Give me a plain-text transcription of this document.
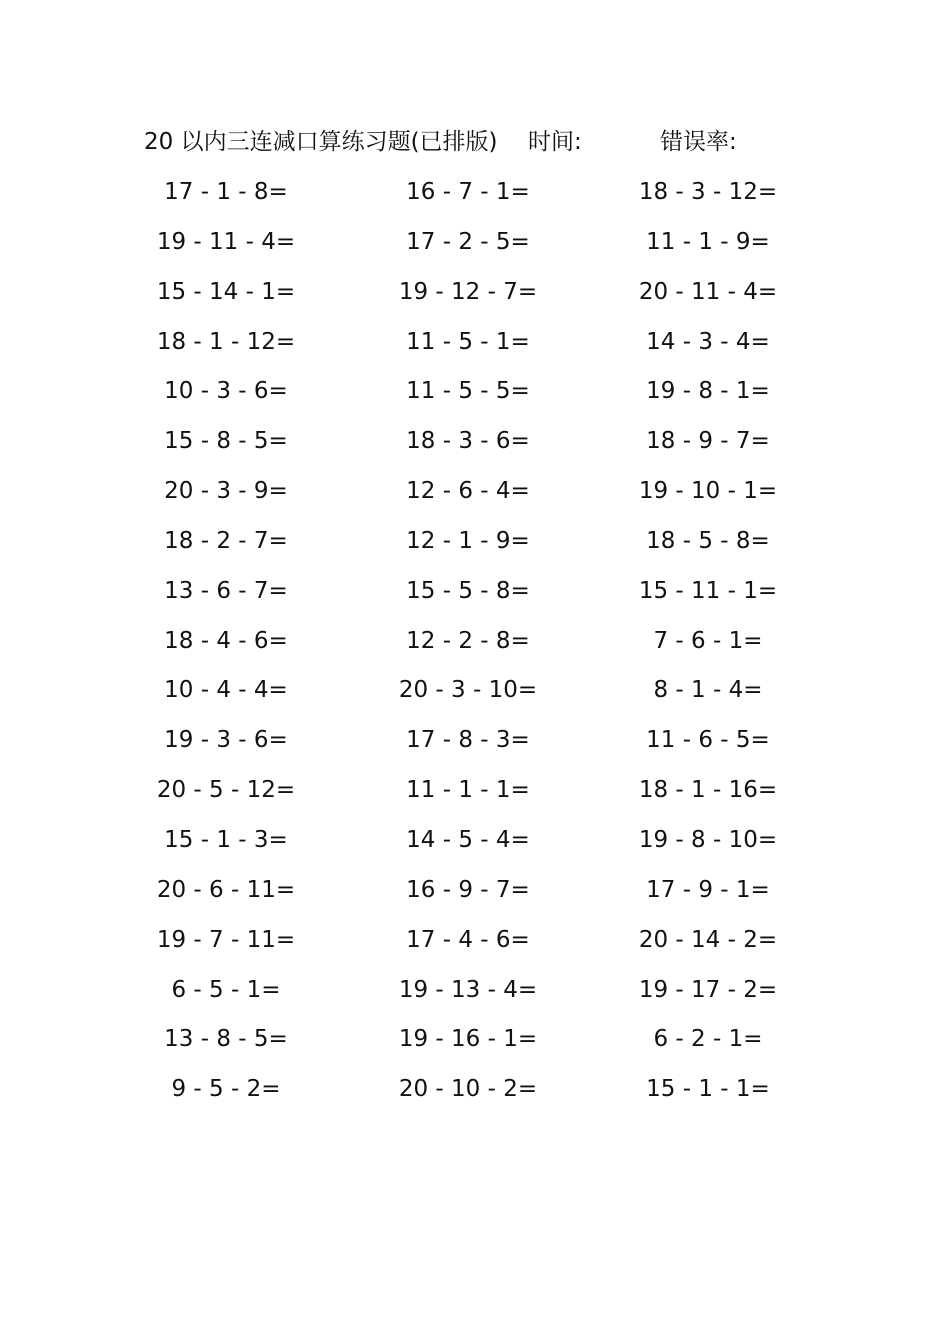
20 以内三连减口算练习题(已排版) 时间:	错误率:
17 - 1 - 8=	16 - 7 - 1=	18 - 3 - 12=
19 - 11 - 4=	17 - 2 - 5=	11 - 1 - 9=
15 - 14 - 1=	19 - 12 - 7=	20 - 11 - 4=
18 - 1 - 12=	11 - 5 - 1=	14 - 3 - 4=
10 - 3 - 6=	11 - 5 - 5=	19 - 8 - 1=
15 - 8 - 5=	18 - 3 - 6=	18 - 9 - 7=
20 - 3 - 9=	12 - 6 - 4=	19 - 10 - 1=
18 - 2 - 7=	12 - 1 - 9=	18 - 5 - 8=
13 - 6 - 7=	15 - 5 - 8=	15 - 11 - 1=
18 - 4 - 6=	12 - 2 - 8=	7 - 6 - 1=
10 - 4 - 4=	20 - 3 - 10=	8 - 1 - 4=
19 - 3 - 6=	17 - 8 - 3=	11 - 6 - 5=
20 - 5 - 12=	11 - 1 - 1=	18 - 1 - 16=
15 - 1 - 3=	14 - 5 - 4=	19 - 8 - 10=
20 - 6 - 11=	16 - 9 - 7=	17 - 9 - 1=
19 - 7 - 11=	17 - 4 - 6=	20 - 14 - 2=
6 - 5 - 1=	19 - 13 - 4=	19 - 17 - 2=
13 - 8 - 5=	19 - 16 - 1=	6 - 2 - 1=
9 - 5 - 2=	20 - 10 - 2=	15 - 1 - 1=
